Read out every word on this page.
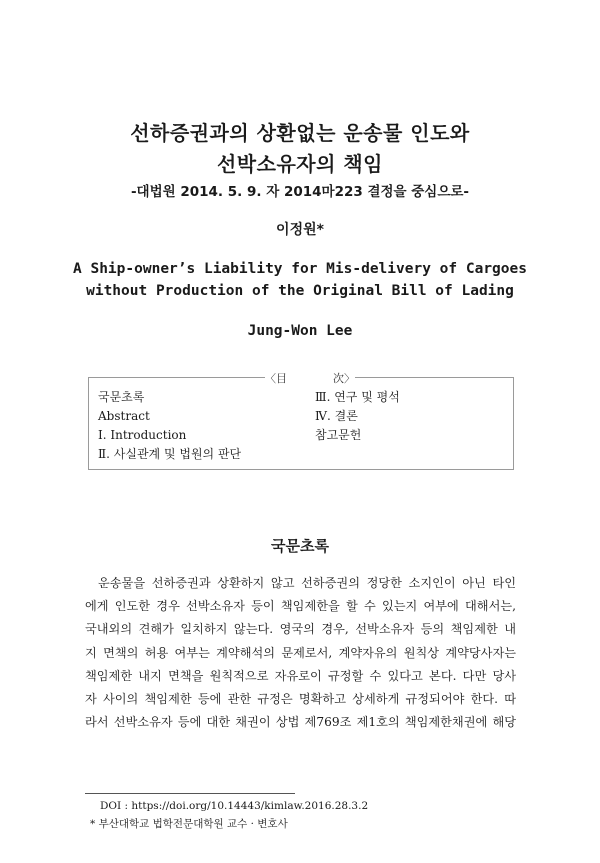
선하증권과의 상환없는 운송물 인도와
선박소유자의 책임
-대법원 2014. 5. 9. 자 2014마223 결정을 중심으로-
이정원*
A Ship-owner’s Liability for Mis-delivery of Cargoes
without Production of the Original Bill of Lading
Jung-Won Lee
〈目	次〉
국문초록
Abstract
Ⅰ. Introduction
Ⅱ. 사실관계 및 법원의 판단
Ⅲ. 연구 및 평석
Ⅳ. 결론
참고문헌
국문초록
운송물을 선하증권과 상환하지 않고 선하증권의 정당한 소지인이 아닌 타인
에게 인도한 경우 선박소유자 등이 책임제한을 할 수 있는지 여부에 대해서는,
국내외의 견해가 일치하지 않는다. 영국의 경우, 선박소유자 등의 책임제한 내
지 면책의 허용 여부는 계약해석의 문제로서, 계약자유의 원칙상 계약당사자는
책임제한 내지 면책을 원칙적으로 자유로이 규정할 수 있다고 본다. 다만 당사
자 사이의 책임제한 등에 관한 규정은 명확하고 상세하게 규정되어야 한다. 따
라서 선박소유자 등에 대한 채권이 상법 제769조 제1호의 책임제한채권에 해당
DOI : https://doi.org/10.14443/kimlaw.2016.28.3.2
* 부산대학교 법학전문대학원 교수 · 변호사
